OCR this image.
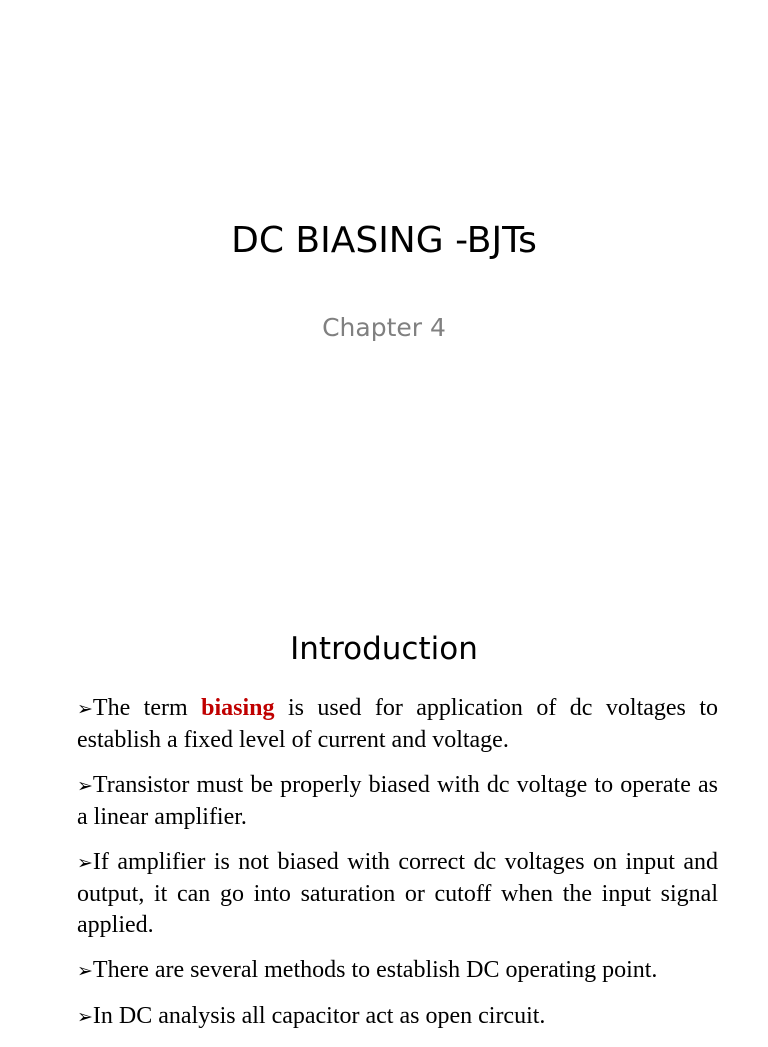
DC BIASING -BJTs

Chapter 4

Introduction
➢The term biasing is used for application of dc voltages to establish a fixed level of current and voltage.
➢Transistor must be properly biased with dc voltage to operate as a linear amplifier.
➢If amplifier is not biased with correct dc voltages on input and output, it can go into saturation or cutoff when the input signal applied.
➢There are several methods to establish DC operating point.
➢In DC analysis all capacitor act as open circuit.
